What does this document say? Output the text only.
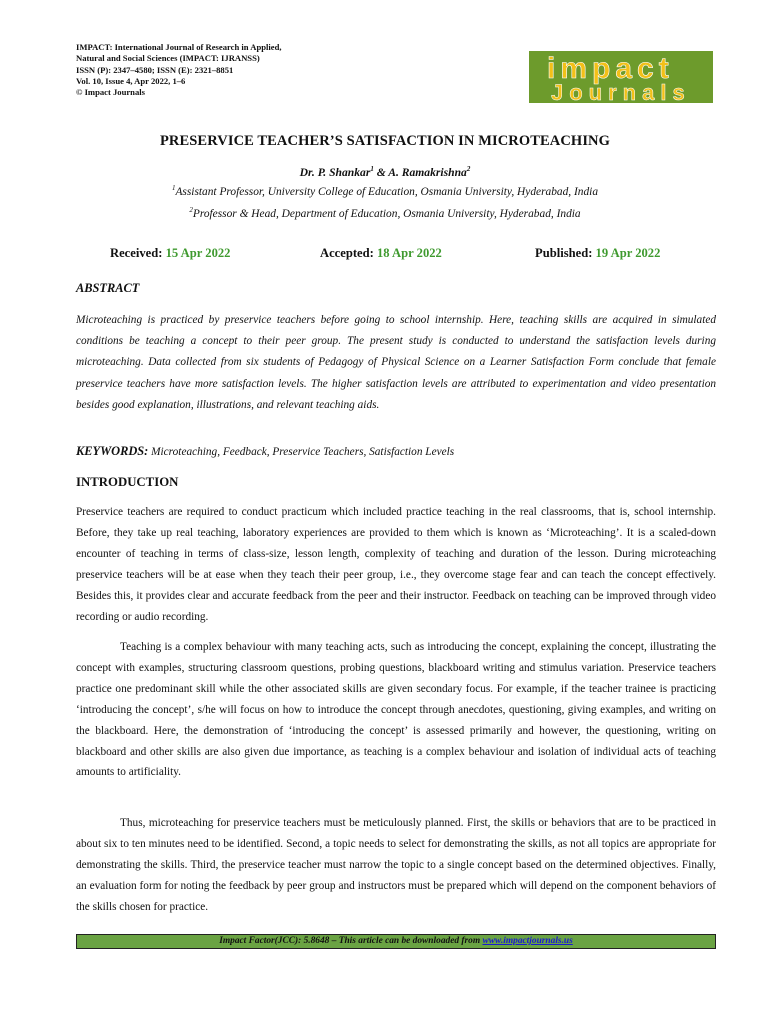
IMPACT: International Journal of Research in Applied,
Natural and Social Sciences (IMPACT: IJRANSS)
ISSN (P): 2347–4580; ISSN (E): 2321–8851
Vol. 10, Issue 4, Apr 2022, 1–6
© Impact Journals
impact
Journals
PRESERVICE TEACHER’S SATISFACTION IN MICROTEACHING
Dr. P. Shankar$^1$ & A. Ramakrishna$^2$
$^1$Assistant Professor, University College of Education, Osmania University, Hyderabad, India
$^2$Professor & Head, Department of Education, Osmania University, Hyderabad, India
Received: 15 Apr 2022	Accepted: 18 Apr 2022	Published: 19 Apr 2022
ABSTRACT
Microteaching is practiced by preservice teachers before going to school internship. Here, teaching skills are acquired in simulated conditions be teaching a concept to their peer group. The present study is conducted to understand the satisfaction levels during microteaching. Data collected from six students of Pedagogy of Physical Science on a Learner Satisfaction Form conclude that female preservice teachers have more satisfaction levels. The higher satisfaction levels are attributed to experimentation and video presentation besides good explanation, illustrations, and relevant teaching aids.
KEYWORDS: Microteaching, Feedback, Preservice Teachers, Satisfaction Levels
INTRODUCTION
Preservice teachers are required to conduct practicum which included practice teaching in the real classrooms, that is, school internship. Before, they take up real teaching, laboratory experiences are provided to them which is known as ‘Microteaching’. It is a scaled-down encounter of teaching in terms of class-size, lesson length, complexity of teaching and duration of the lesson. During microteaching preservice teachers will be at ease when they teach their peer group, i.e., they overcome stage fear and can teach the concept effectively. Besides this, it provides clear and accurate feedback from the peer and their instructor. Feedback on teaching can be improved through video recording or audio recording.
Teaching is a complex behaviour with many teaching acts, such as introducing the concept, explaining the concept, illustrating the concept with examples, structuring classroom questions, probing questions, blackboard writing and stimulus variation. Preservice teachers practice one predominant skill while the other associated skills are given secondary focus. For example, if the teacher trainee is practicing ‘introducing the concept’, s/he will focus on how to introduce the concept through anecdotes, questioning, giving examples, and writing on the blackboard. Here, the demonstration of ‘introducing the concept’ is assessed primarily and however, the questioning, writing on blackboard and other skills are also given due importance, as teaching is a complex behaviour and isolation of individual acts of teaching amounts to artificiality.
Thus, microteaching for preservice teachers must be meticulously planned. First, the skills or behaviors that are to be practiced in about six to ten minutes need to be identified. Second, a topic needs to select for demonstrating the skills, as not all topics are appropriate for demonstrating the skills. Third, the preservice teacher must narrow the topic to a single concept based on the determined objectives. Finally, an evaluation form for noting the feedback by peer group and instructors must be prepared which will depend on the component behaviors of the skills chosen for practice.
Impact Factor(JCC): 5.8648 – This article can be downloaded from www.impactjournals.us
